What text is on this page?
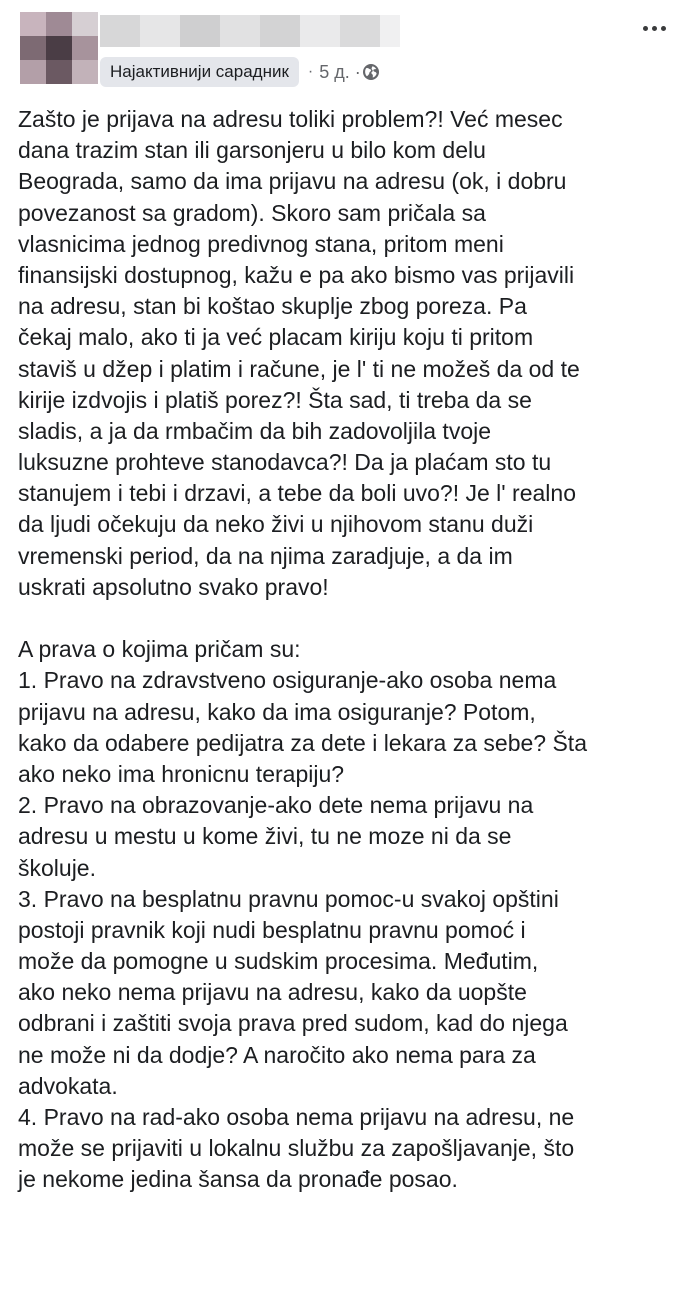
Најактивнији сарадник	· 5 д. ·
Zašto je prijava na adresu toliki problem?! Već mesec
dana trazim stan ili garsonjeru u bilo kom delu
Beograda, samo da ima prijavu na adresu (ok, i dobru
povezanost sa gradom). Skoro sam pričala sa
vlasnicima jednog predivnog stana, pritom meni
finansijski dostupnog, kažu e pa ako bismo vas prijavili
na adresu, stan bi koštao skuplje zbog poreza. Pa
čekaj malo, ako ti ja već placam kiriju koju ti pritom
staviš u džep i platim i račune, je l' ti ne možeš da od te
kirije izdvojis i platiš porez?! Šta sad, ti treba da se
sladis, a ja da rmbačim da bih zadovoljila tvoje
luksuzne prohteve stanodavca?! Da ja plaćam sto tu
stanujem i tebi i drzavi, a tebe da boli uvo?! Je l' realno
da ljudi očekuju da neko živi u njihovom stanu duži
vremenski period, da na njima zaradjuje, a da im
uskrati apsolutno svako pravo!
A prava o kojima pričam su:
1. Pravo na zdravstveno osiguranje-ako osoba nema
prijavu na adresu, kako da ima osiguranje? Potom,
kako da odabere pedijatra za dete i lekara za sebe? Šta
ako neko ima hronicnu terapiju?
2. Pravo na obrazovanje-ako dete nema prijavu na
adresu u mestu u kome živi, tu ne moze ni da se
školuje.
3. Pravo na besplatnu pravnu pomoc-u svakoj opštini
postoji pravnik koji nudi besplatnu pravnu pomoć i
može da pomogne u sudskim procesima. Međutim,
ako neko nema prijavu na adresu, kako da uopšte
odbrani i zaštiti svoja prava pred sudom, kad do njega
ne može ni da dodje? A naročito ako nema para za
advokata.
4. Pravo na rad-ako osoba nema prijavu na adresu, ne
može se prijaviti u lokalnu službu za zapošljavanje, što
je nekome jedina šansa da pronađe posao.
